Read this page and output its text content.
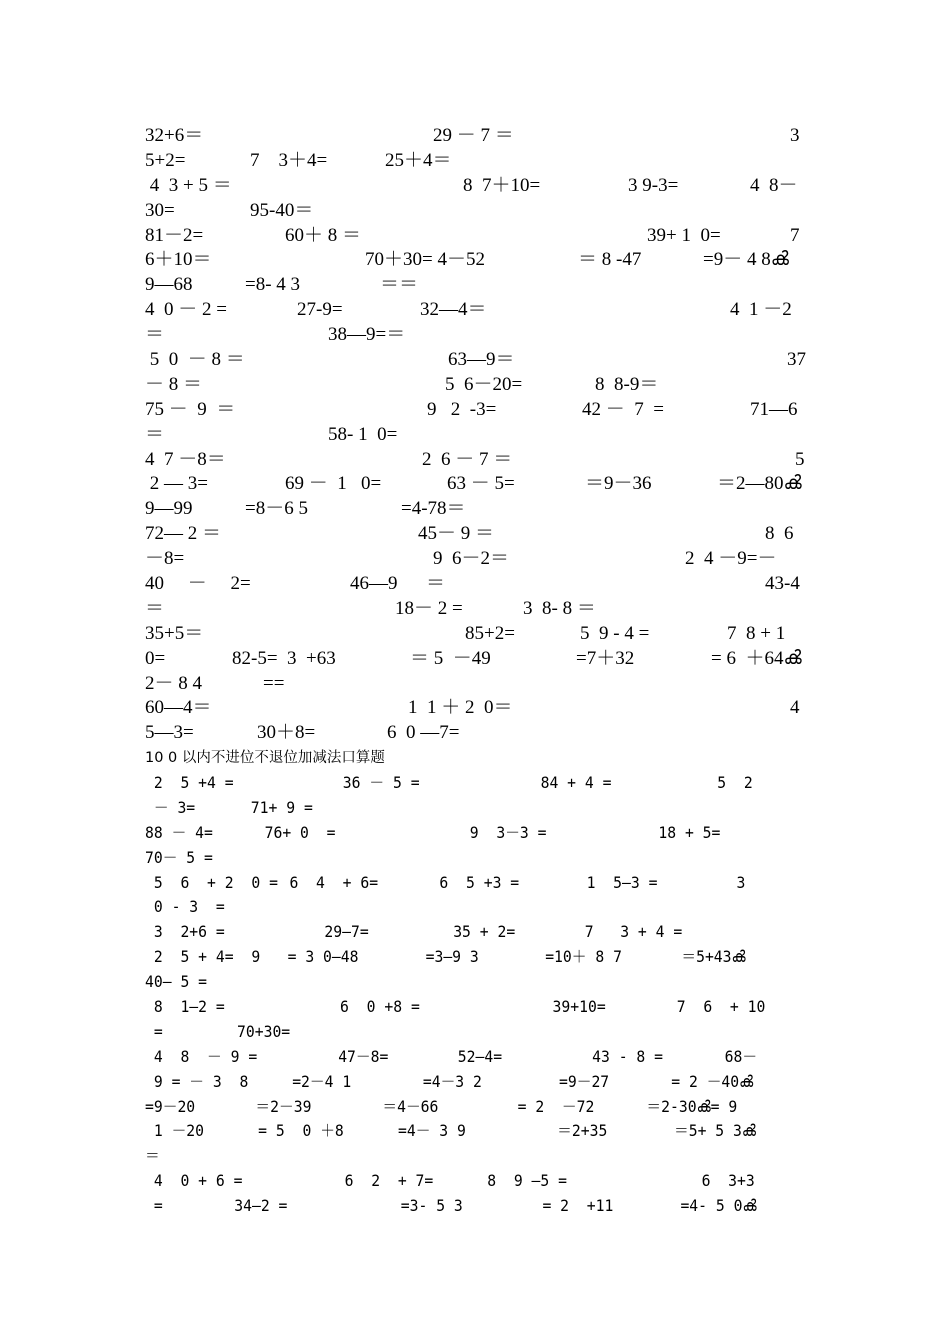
32+6＝	29 － 7 ＝	3
5+2=	7　3＋4=	25＋4＝
4  3 + 5 ＝	8  7＋10=	3 9-3=	4  8－
30=	95-40＝
81－2=	60＋ 8 ＝	39+ 1  0=	7
6＋10＝	70＋30= 4－52	＝ 8 -47	=9－ 4 8ൿ
9—68	=8- 4 3	＝＝
4  0 － 2 =	27-9=	32—4＝	4  1 －2
＝	38—9=＝
5  0  － 8 ＝	63—9＝	37
－ 8 ＝	5  6－20=	8  8-9＝
75 －  9  ＝	9   2  -3=	42 －  7  =	71—6
＝	58- 1  0=
4  7 －8＝	2  6 － 7 ＝	5
2 — 3=	69 －  1   0=	63 － 5=	＝9－36	＝2—80ൿ
9—99	=8－6 5	=4-78＝
72— 2 ＝	45－ 9 ＝	8  6
－8=	9  6－2＝	2  4 －9=－
40     －     2=	46—9      ＝	43-4
＝	18－ 2 =	3  8- 8 ＝
35+5＝	85+2=	5  9 - 4 =	7  8 + 1
0=	82-5=  3  +63	＝ 5  －49	=7＋32	= 6  ＋64ൿ
2－ 8 4	==
60—4＝	1  1 ＋ 2  0＝	4
5—3=	30＋8=	6  0 —7=
10 0 以内不进位不退位加减法口算题
2  5 +4 =	36 － 5 =	84 + 4 =	5  2
－ 3=	71+ 9 =
88 － 4=	76+ 0  =	9  3－3 =	18 + 5=
70－ 5 =
5  6  + 2  0 = 6  4  + 6=	6  5 +3 =	1  5—3 =	3
0 - 3  =
3  2+6 =	29—7=	35 + 2=	7   3 + 4 =
2  5 + 4=  9 = 3 0—48	=3—9 3	=10＋ 8 7	＝5+43ൿ
40— 5 =
8  1—2 =	6  0 +8 =	39+10=	7  6  + 10
=	70+30=
4  8  － 9 =	47－8=	52—4=	43 - 8 =	68－
9 = － 3  8	=2－4 1	=4－3 2	=9－27	= 2 －40ൿ
=9－20	＝2－39	＝4－66	= 2  －72	＝2-30ൿ= 9
1 －20	= 5  0 ＋8	=4－ 3 9	＝2+35	＝5+ 5 3ൿ
＝
4  0 + 6 =	6  2  + 7=	8  9 —5 =	6  3+3
=	34—2 =	=3- 5 3	= 2  +11	=4- 5 0ൿ
